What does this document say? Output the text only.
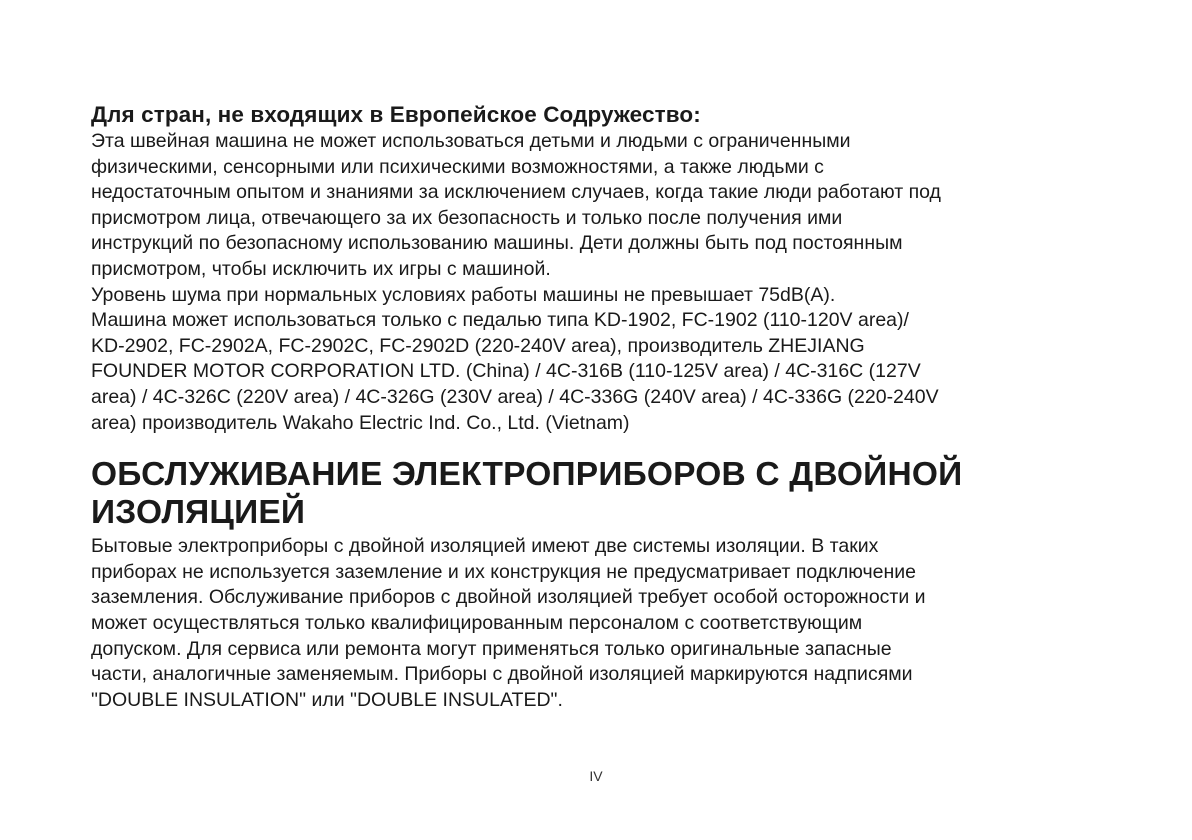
Для стран, не входящих в Европейское Содружество:

Эта швейная машина не может использоваться детьми и людьми с ограниченными
физическими, сенсорными или психическими возможностями, а также людьми с
недостаточным опытом и знаниями за исключением случаев, когда такие люди работают под
присмотром лица, отвечающего за их безопасность и только после получения ими
инструкций по безопасному использованию машины. Дети должны быть под постоянным
присмотром, чтобы исключить их игры с машиной.

Уровень шума при нормальных условиях работы машины не превышает 75dB(A).

Машина может использоваться только с педалью типа KD-1902, FC-1902 (110-120V area)/
KD-2902, FC-2902A, FC-2902C, FC-2902D (220-240V area), производитель ZHEJIANG
FOUNDER MOTOR CORPORATION LTD. (China) / 4C-316B (110-125V area) / 4C-316C (127V
area) / 4C-326C (220V area) / 4C-326G (230V area) / 4C-336G (240V area) / 4C-336G (220-240V
area) производитель Wakaho Electric Ind. Co., Ltd. (Vietnam)

ОБСЛУЖИВАНИЕ ЭЛЕКТРОПРИБОРОВ С ДВОЙНОЙ
ИЗОЛЯЦИЕЙ

Бытовые электроприборы с двойной изоляцией имеют две системы изоляции. В таких
приборах не используется заземление и их конструкция не предусматривает подключение
заземления. Обслуживание приборов с двойной изоляцией требует особой осторожности и
может осуществляться только квалифицированным персоналом с соответствующим
допуском. Для сервиса или ремонта могут применяться только оригинальные запасные
части, аналогичные заменяемым. Приборы с двойной изоляцией маркируются надписями
"DOUBLE INSULATION" или "DOUBLE INSULATED".

IV
